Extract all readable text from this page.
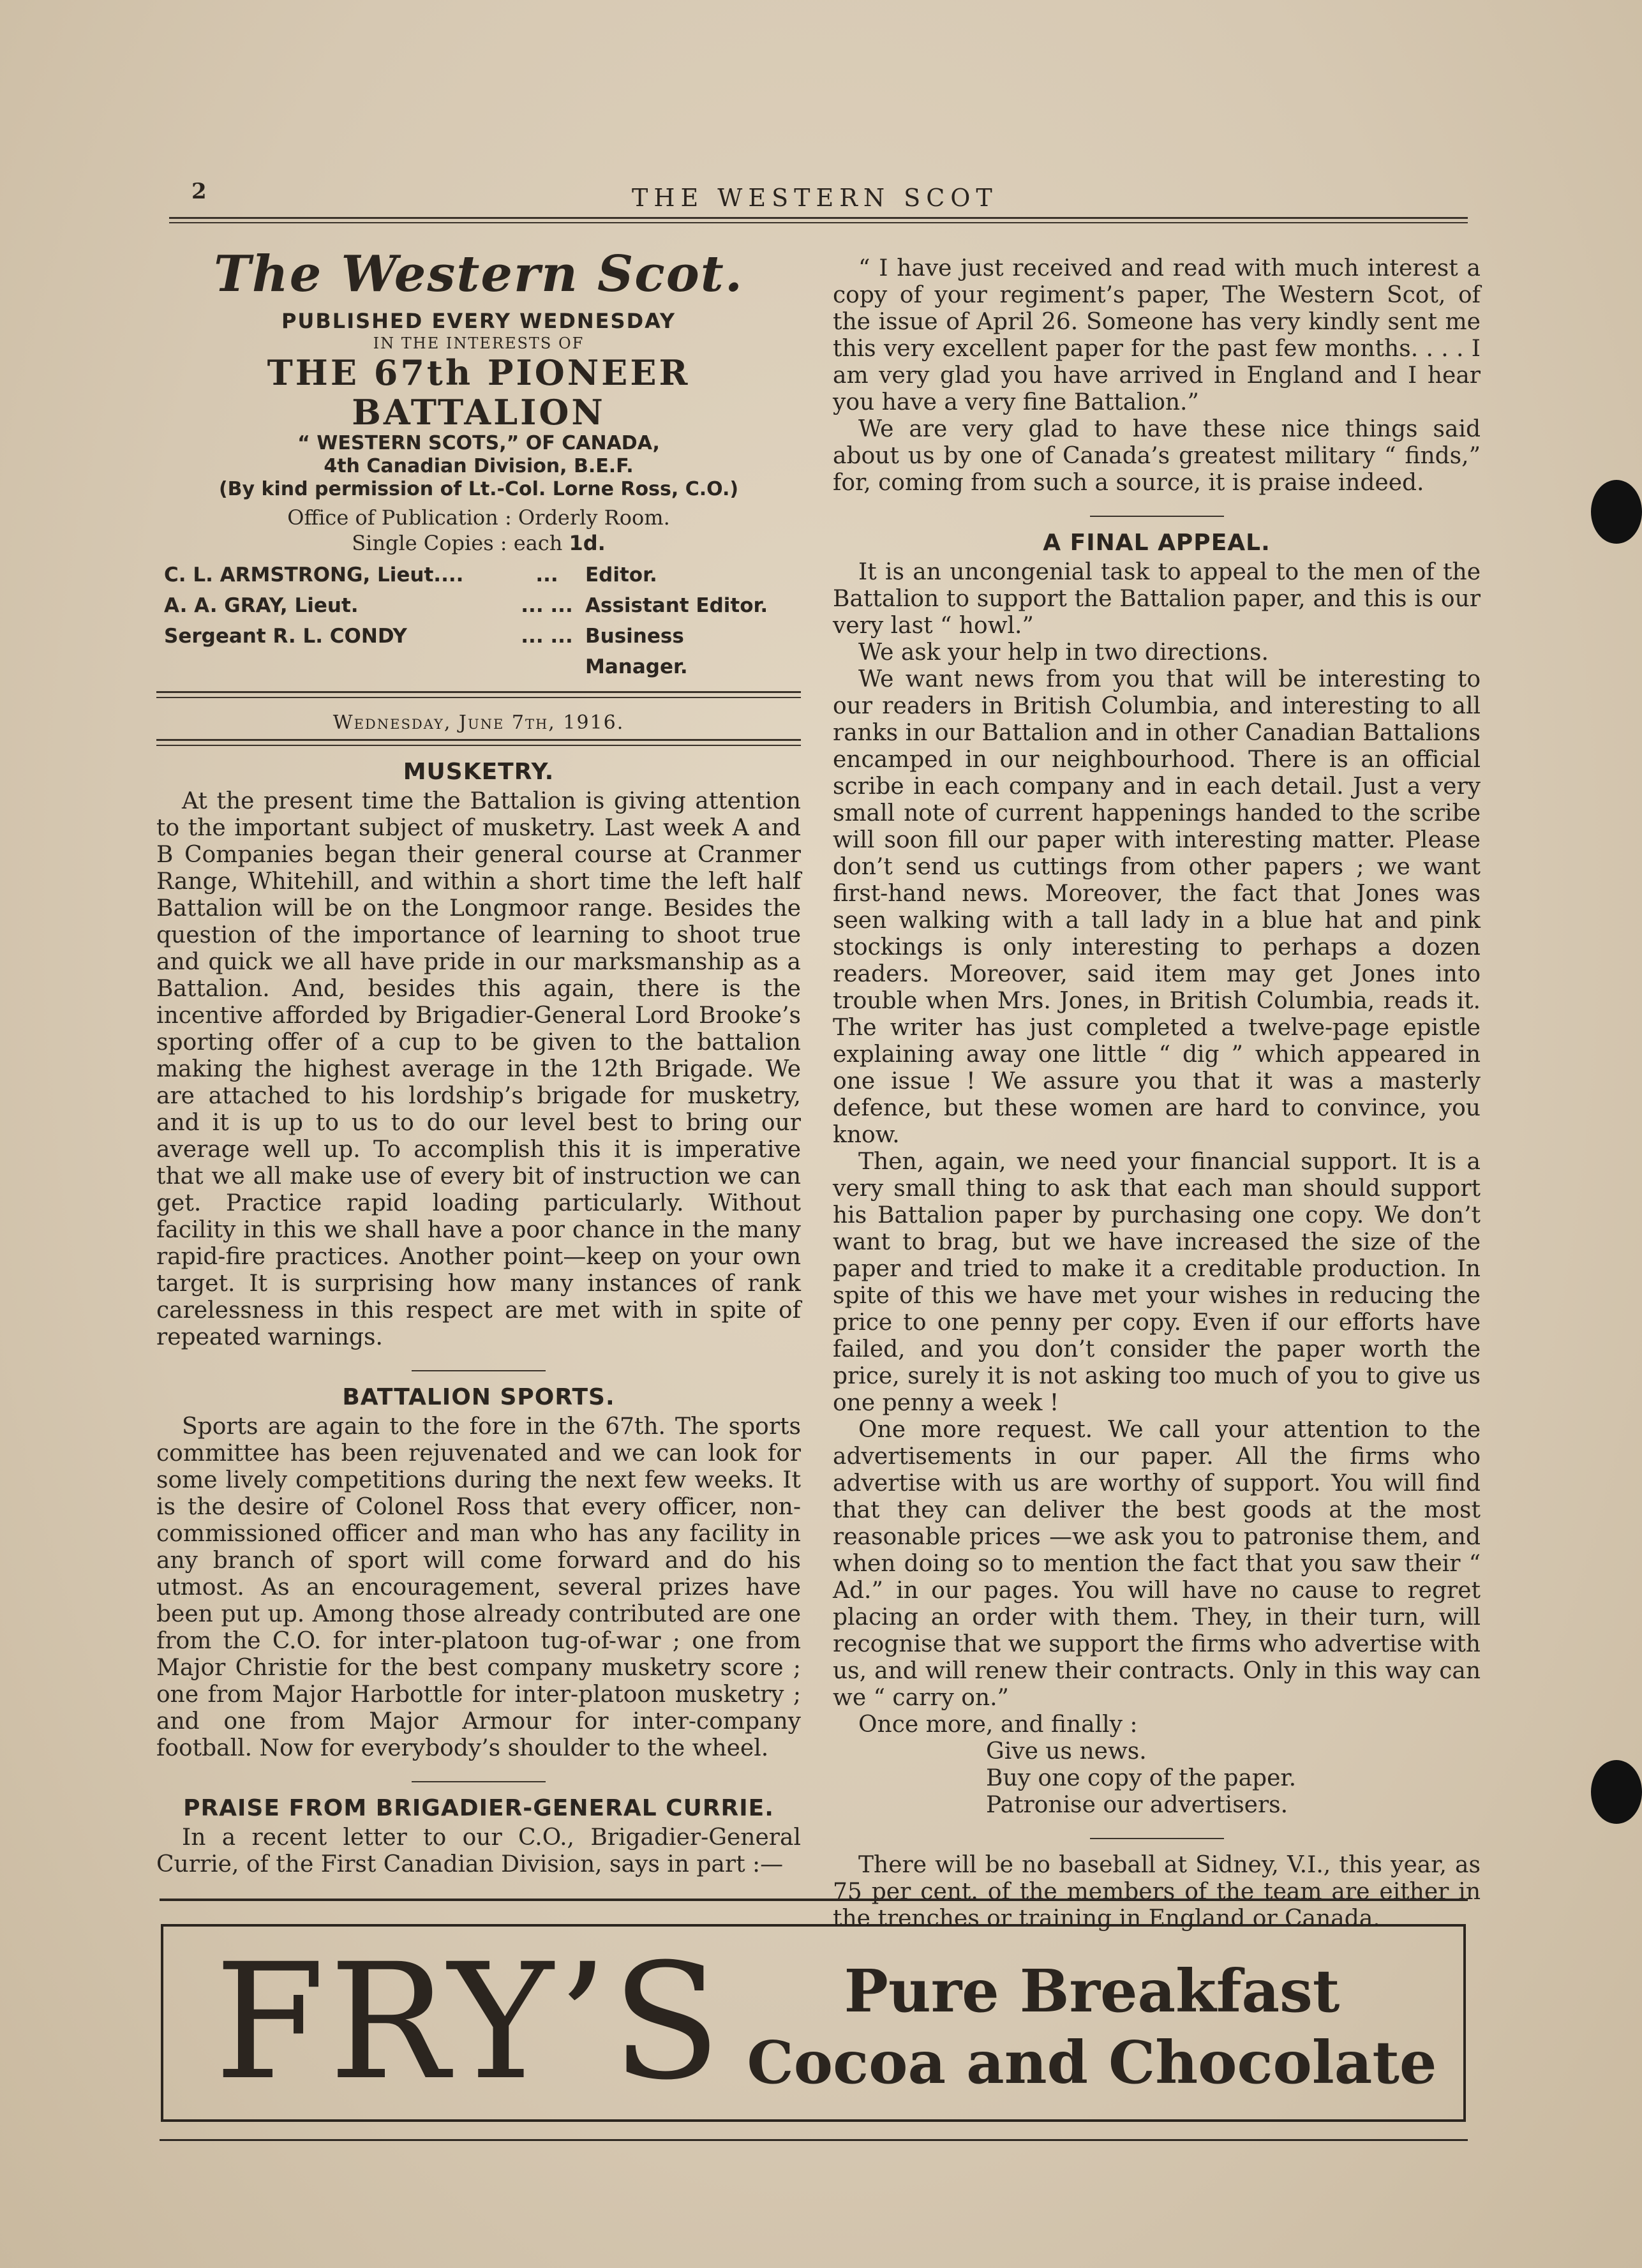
2	THE WESTERN SCOT
The Western Scot.
PUBLISHED EVERY WEDNESDAY
IN THE INTERESTS OF
THE 67th PIONEER BATTALION
“ WESTERN SCOTS,” OF CANADA,
4th Canadian Division, B.E.F.
(By kind permission of Lt.-Col. Lorne Ross, C.O.)
Office of Publication : Orderly Room.
Single Copies : each 1d.
C. L. ARMSTRONG, Lieut....	...	Editor.
A. A. GRAY, Lieut.	... ... Assistant Editor.
Sergeant R. L. CONDY	... ... Business Manager.
Wednesday, June 7th, 1916.
MUSKETRY.

At the present time the Battalion is giving attention to the important subject of musketry. Last week A and B Companies began their general course at Cranmer Range, Whitehill, and within a short time the left half Battalion will be on the Longmoor range. Besides the question of the importance of learning to shoot true and quick we all have pride in our marksmanship as a Battalion. And, besides this again, there is the incentive afforded by Brigadier-General Lord Brooke’s sporting offer of a cup to be given to the battalion making the highest average in the 12th Brigade. We are attached to his lordship’s brigade for musketry, and it is up to us to do our level best to bring our average well up. To accomplish this it is imperative that we all make use of every bit of instruction we can get. Practice rapid loading particularly. Without facility in this we shall have a poor chance in the many rapid-fire practices. Another point—keep on your own target. It is surprising how many instances of rank carelessness in this respect are met with in spite of repeated warnings.

BATTALION SPORTS.

Sports are again to the fore in the 67th. The sports committee has been rejuvenated and we can look for some lively competitions during the next few weeks. It is the desire of Colonel Ross that every officer, non-commissioned officer and man who has any facility in any branch of sport will come forward and do his utmost. As an encouragement, several prizes have been put up. Among those already contributed are one from the C.O. for inter-platoon tug-of-war ; one from Major Christie for the best company musketry score ; one from Major Harbottle for inter-platoon musketry ; and one from Major Armour for inter-company football. Now for everybody’s shoulder to the wheel.

PRAISE FROM BRIGADIER-GENERAL CURRIE.

In a recent letter to our C.O., Brigadier-General Currie, of the First Canadian Division, says in part :—

“ I have just received and read with much interest a copy of your regiment’s paper, The Western Scot, of the issue of April 26. Someone has very kindly sent me this very excellent paper for the past few months. . . . I am very glad you have arrived in England and I hear you have a very fine Battalion.”

We are very glad to have these nice things said about us by one of Canada’s greatest military “ finds,” for, coming from such a source, it is praise indeed.

A FINAL APPEAL.

It is an uncongenial task to appeal to the men of the Battalion to support the Battalion paper, and this is our very last “ howl.”

We ask your help in two directions.

We want news from you that will be interesting to our readers in British Columbia, and interesting to all ranks in our Battalion and in other Canadian Battalions encamped in our neighbourhood. There is an official scribe in each company and in each detail. Just a very small note of current happenings handed to the scribe will soon fill our paper with interesting matter. Please don’t send us cuttings from other papers ; we want first-hand news. Moreover, the fact that Jones was seen walking with a tall lady in a blue hat and pink stockings is only interesting to perhaps a dozen readers. Moreover, said item may get Jones into trouble when Mrs. Jones, in British Columbia, reads it. The writer has just completed a twelve-page epistle explaining away one little “ dig ” which appeared in one issue ! We assure you that it was a masterly defence, but these women are hard to convince, you know.

Then, again, we need your financial support. It is a very small thing to ask that each man should support his Battalion paper by purchasing one copy. We don’t want to brag, but we have increased the size of the paper and tried to make it a creditable production. In spite of this we have met your wishes in reducing the price to one penny per copy. Even if our efforts have failed, and you don’t consider the paper worth the price, surely it is not asking too much of you to give us one penny a week !

One more request. We call your attention to the advertisements in our paper. All the firms who advertise with us are worthy of support. You will find that they can deliver the best goods at the most reasonable prices —we ask you to patronise them, and when doing so to mention the fact that you saw their “ Ad.” in our pages. You will have no cause to regret placing an order with them. They, in their turn, will recognise that we support the firms who advertise with us, and will renew their contracts. Only in this way can we “ carry on.”

Once more, and finally :

Give us news.
Buy one copy of the paper.
Patronise our advertisers.

There will be no baseball at Sidney, V.I., this year, as 75 per cent. of the members of the team are either in the trenches or training in England or Canada.

FRY’S	Pure Breakfast
Cocoa and Chocolate
